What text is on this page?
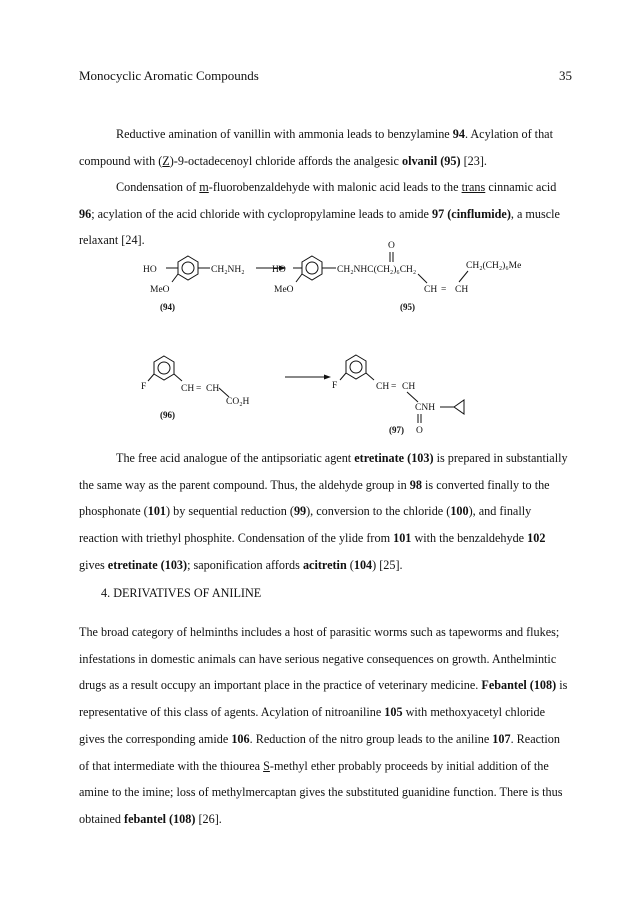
Monocyclic Aromatic Compounds	35

Reductive amination of vanillin with ammonia leads to benzylamine 94. Acylation of that compound with (Z)-9-octadecenoyl chloride affords the analgesic olvanil (95) [23].

Condensation of m-fluorobenzaldehyde with malonic acid leads to the trans cinnamic acid 96; acylation of the acid chloride with cyclopropylamine leads to amide 97 (cinflumide), a muscle relaxant [24].

HO	CH₂NH₂
MeO
(94)
HO
MeO
CH₂NHC(CH₂)₆CH₂
O
CH = CH
CH₂(CH₂)₆Me
(95)
F	CH = CH
CO₂H
(96)
F	CH = CH
CNH
O
(97)

The free acid analogue of the antipsoriatic agent etretinate (103) is prepared in substantially the same way as the parent compound. Thus, the aldehyde group in 98 is converted finally to the phosphonate (101) by sequential reduction (99), conversion to the chloride (100), and finally reaction with triethyl phosphite. Condensation of the ylide from 101 with the benzaldehyde 102 gives etretinate (103); saponification affords acitretin (104) [25].

4. DERIVATIVES OF ANILINE

The broad category of helminths includes a host of parasitic worms such as tapeworms and flukes; infestations in domestic animals can have serious negative consequences on growth. Anthelmintic drugs as a result occupy an important place in the practice of veterinary medicine. Febantel (108) is representative of this class of agents. Acylation of nitroaniline 105 with methoxyacetyl chloride gives the corresponding amide 106. Reduction of the nitro group leads to the aniline 107. Reaction of that intermediate with the thiourea S-methyl ether probably proceeds by initial addition of the amine to the imine; loss of methylmercaptan gives the substituted guanidine function. There is thus obtained febantel (108) [26].
